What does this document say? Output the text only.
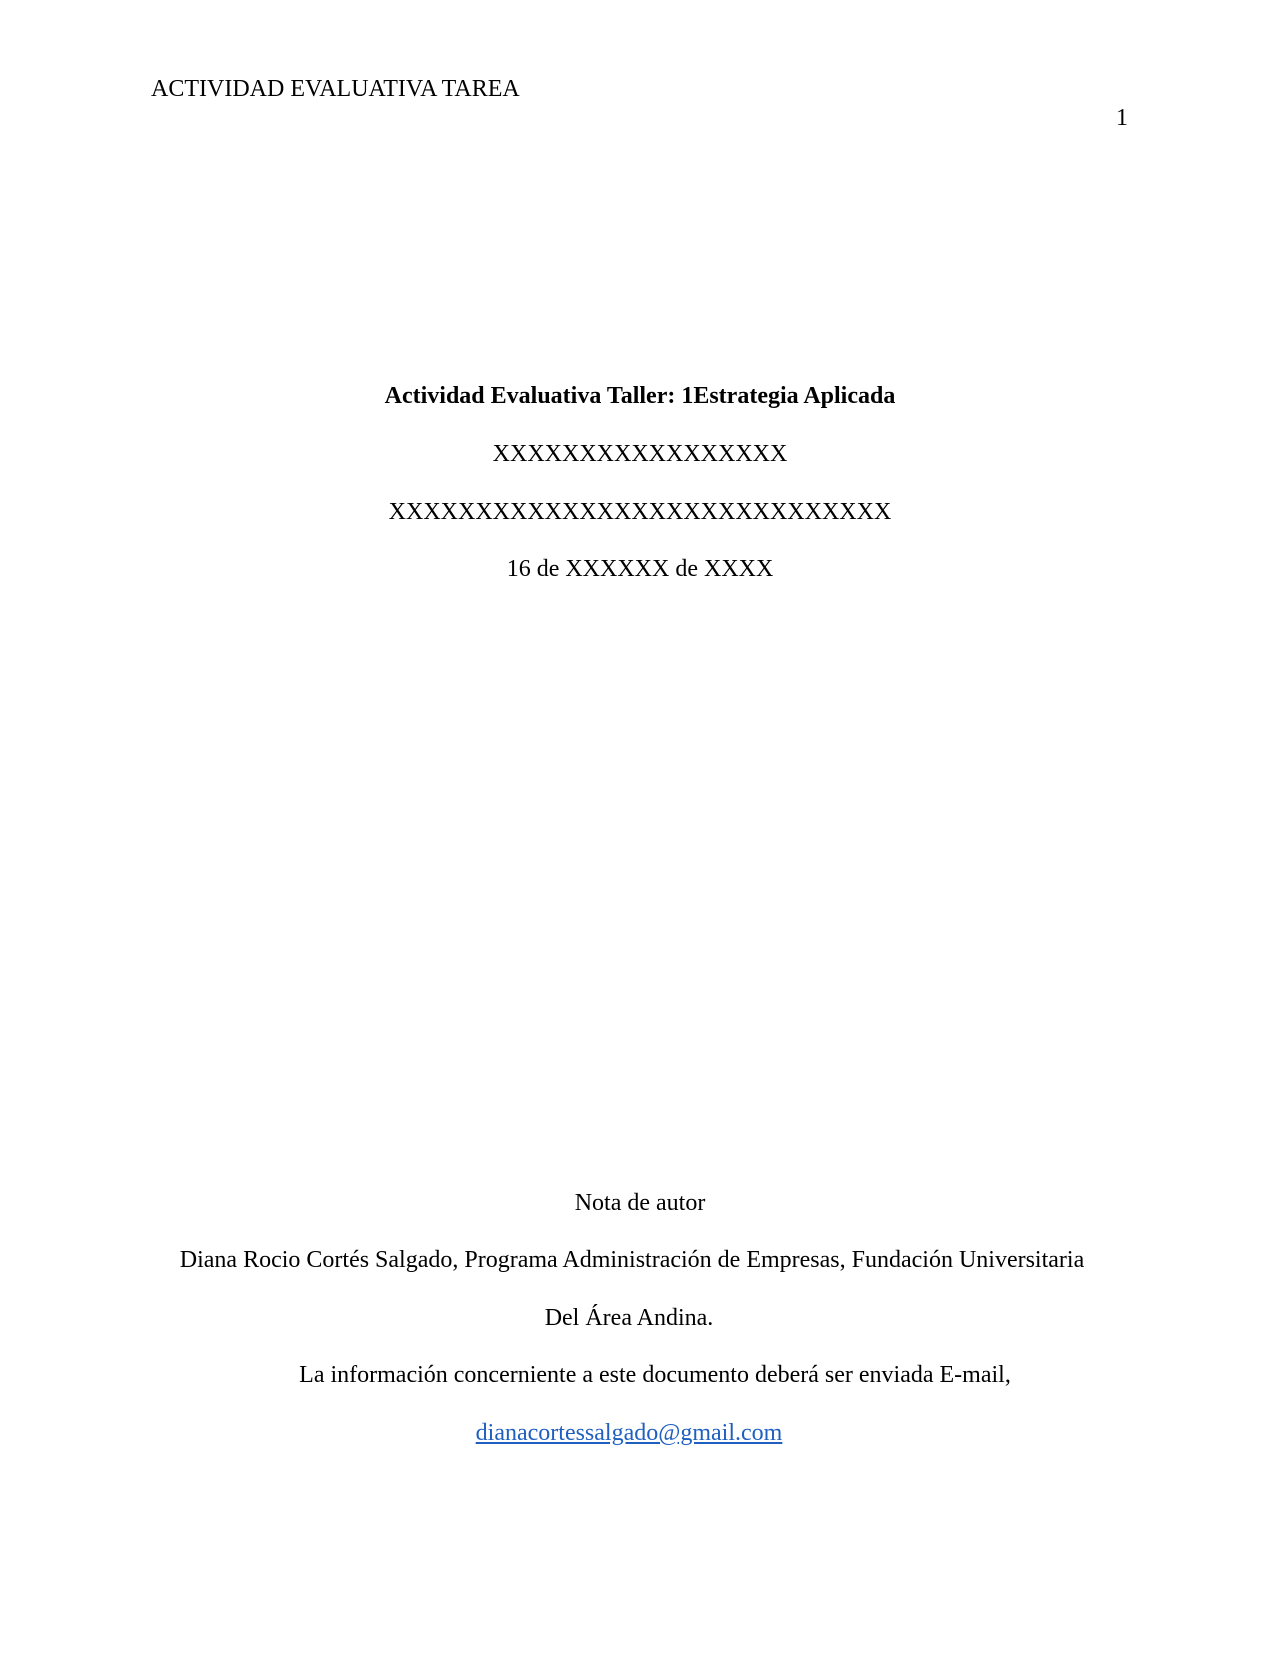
ACTIVIDAD EVALUATIVA TAREA
1
Actividad Evaluativa Taller: 1Estrategia Aplicada
XXXXXXXXXXXXXXXXX
XXXXXXXXXXXXXXXXXXXXXXXXXXXXX
16 de XXXXXX de XXXX
Nota de autor
Diana Rocio Cortés Salgado, Programa Administración de Empresas, Fundación Universitaria
Del Área Andina.
La información concerniente a este documento deberá ser enviada E-mail,
dianacortessalgado@gmail.com
